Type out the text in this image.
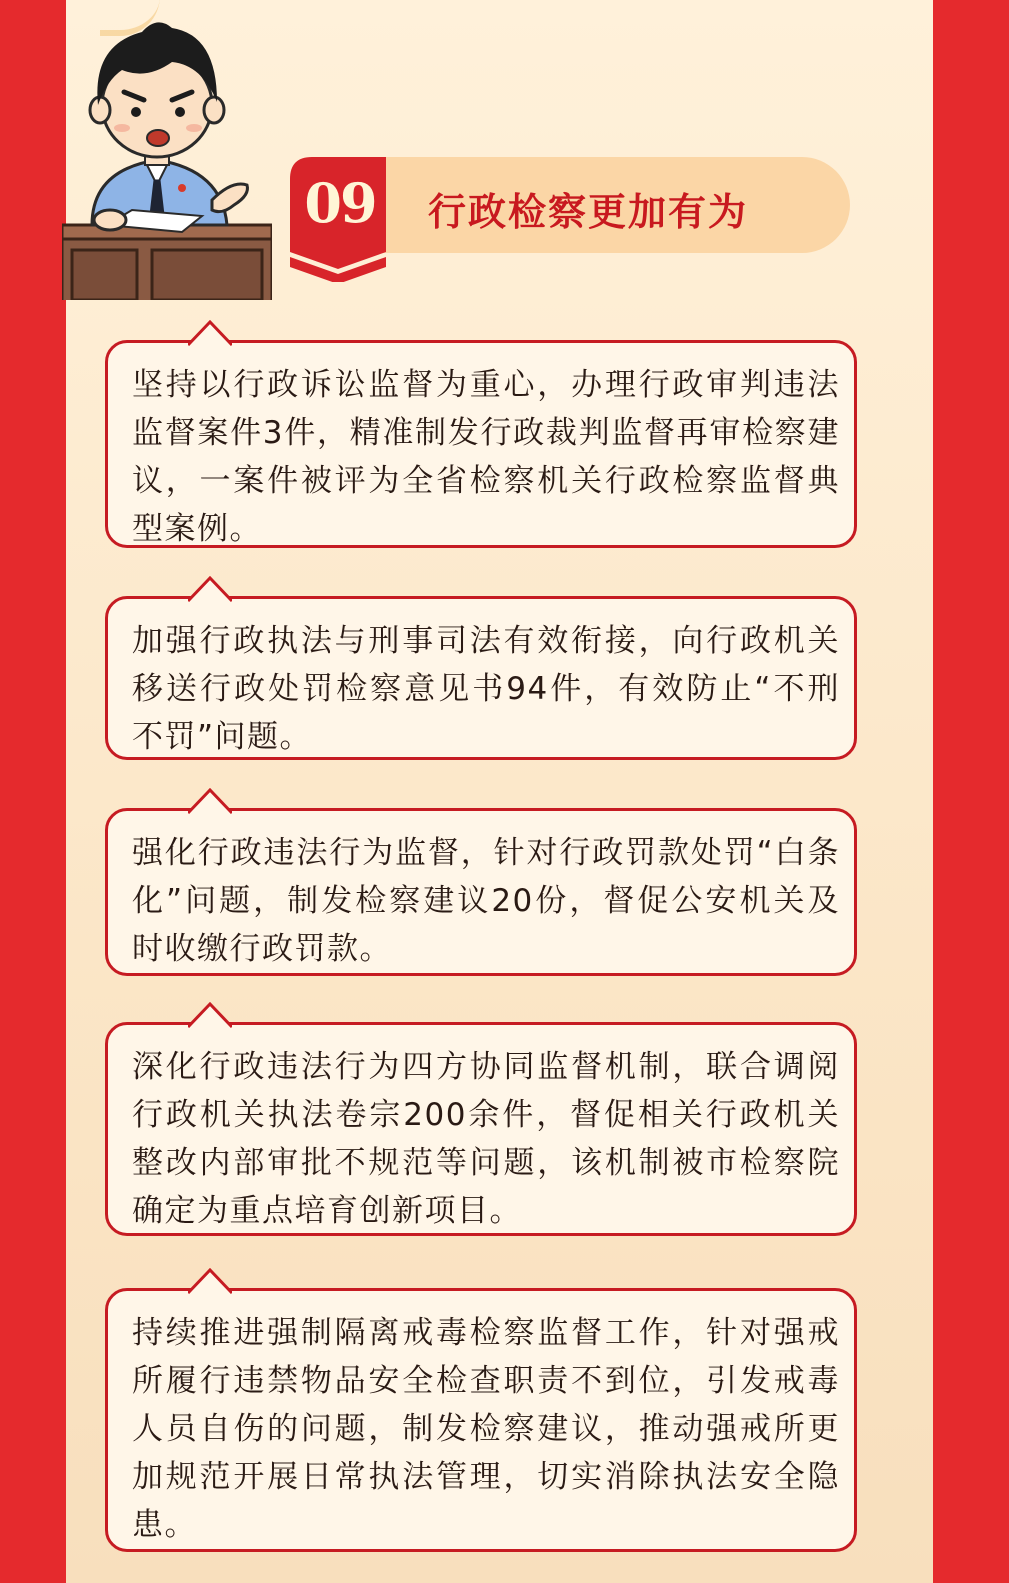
09 行政检察更加有为
坚持以行政诉讼监督为重心，办理行政审判违法监督案件3件，精准制发行政裁判监督再审检察建议，一案件被评为全省检察机关行政检察监督典型案例。
加强行政执法与刑事司法有效衔接，向行政机关移送行政处罚检察意见书94件，有效防止“不刑不罚”问题。
强化行政违法行为监督，针对行政罚款处罚“白条化”问题，制发检察建议20份，督促公安机关及时收缴行政罚款。
深化行政违法行为四方协同监督机制，联合调阅行政机关执法卷宗200余件，督促相关行政机关整改内部审批不规范等问题，该机制被市检察院确定为重点培育创新项目。
持续推进强制隔离戒毒检察监督工作，针对强戒所履行违禁物品安全检查职责不到位，引发戒毒人员自伤的问题，制发检察建议，推动强戒所更加规范开展日常执法管理，切实消除执法安全隐患。
